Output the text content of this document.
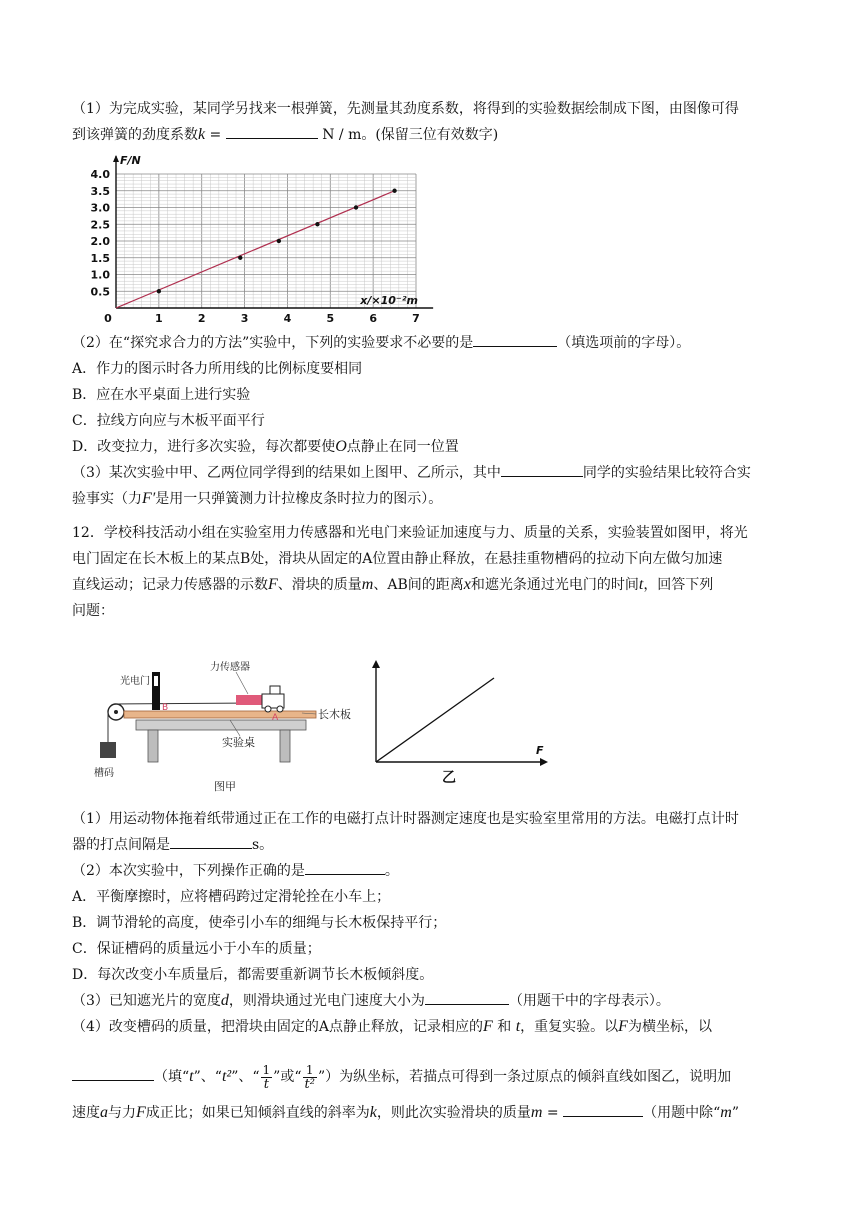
（1）为完成实验，某同学另找来一根弹簧，先测量其劲度系数，将得到的实验数据绘制成下图，由图像可得
到该弹簧的劲度系数k =	N / m。(保留三位有效数字)
F/N
x/×10⁻²m
0.5
1.0
1.5
2.0
2.5
3.0
3.5
4.0
0	1	2	3	4	5	6	7
（2）在“探究求合力的方法”实验中，下列的实验要求不必要的是	（填选项前的字母）。
A．作力的图示时各力所用线的比例标度要相同
B．应在水平桌面上进行实验
C．拉线方向应与木板平面平行
D．改变拉力，进行多次实验，每次都要使O点静止在同一位置
（3）某次实验中甲、乙两位同学得到的结果如上图甲、乙所示，其中	同学的实验结果比较符合实
验事实（力F′是用一只弹簧测力计拉橡皮条时拉力的图示）。
12．学校科技活动小组在实验室用力传感器和光电门来验证加速度与力、质量的关系，实验装置如图甲，将光
电门固定在长木板上的某点B处，滑块从固定的A位置由静止释放，在悬挂重物槽码的拉动下向左做匀加速
直线运动；记录力传感器的示数F、滑块的质量m、AB间的距离x和遮光条通过光电门的时间t，回答下列
问题：
光电门
力传感器
长木板
实验桌
槽码
B
A
图甲
F
乙
（1）用运动物体拖着纸带通过正在工作的电磁打点计时器测定速度也是实验室里常用的方法。电磁打点计时
器的打点间隔是	s。
（2）本次实验中，下列操作正确的是	。
A．平衡摩擦时，应将槽码跨过定滑轮拴在小车上；
B．调节滑轮的高度，使牵引小车的细绳与长木板保持平行；
C．保证槽码的质量远小于小车的质量；
D．每次改变小车质量后，都需要重新调节长木板倾斜度。
（3）已知遮光片的宽度d，则滑块通过光电门速度大小为	（用题干中的字母表示）。
（4）改变槽码的质量，把滑块由固定的A点静止释放，记录相应的F 和 t，重复实验。以F为横坐标，以
（填“t”、“t²”、“ $\frac{1}{t}$ ”或“ $\frac{1}{\text{t²}}$ ”）为纵坐标，若描点可得到一条过原点的倾斜直线如图乙，说明加
速度a与力F成正比；如果已知倾斜直线的斜率为k，则此次实验滑块的质量m =	（用题中除“m”
